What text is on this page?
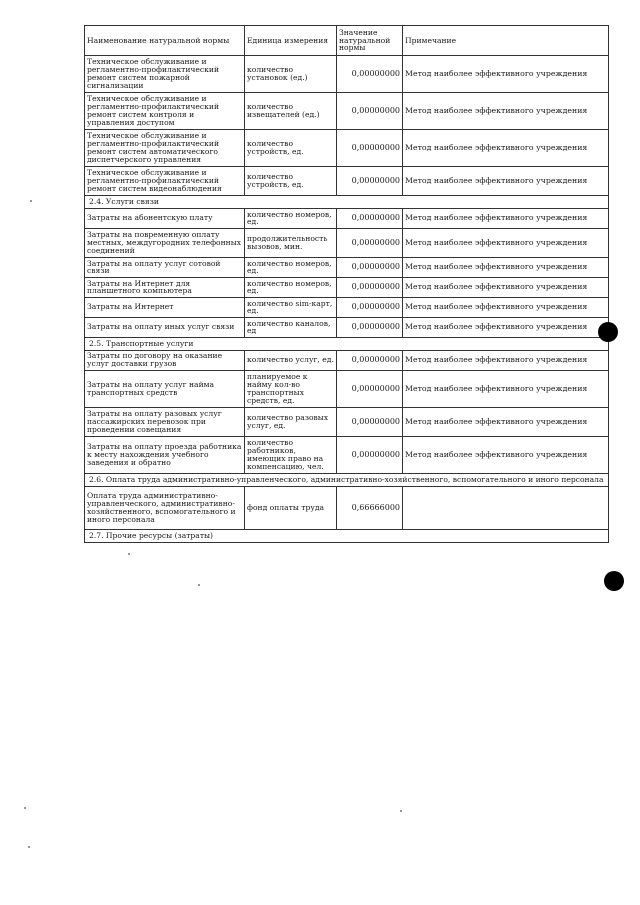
Наименование натуральной нормы	Единица измерения	Значение натуральной нормы	Примечание
Техническое обслуживание и регламентно-профилактический ремонт систем пожарной сигнализации	количество установок (ед.)	0,00000000	Метод наиболее эффективного учреждения
Техническое обслуживание и регламентно-профилактический ремонт систем контроля и управления доступом	количество извещателей (ед.)	0,00000000	Метод наиболее эффективного учреждения
Техническое обслуживание и регламентно-профилактический ремонт систем автоматического диспетчерского управления	количество устройств, ед.	0,00000000	Метод наиболее эффективного учреждения
Техническое обслуживание и регламентно-профилактический ремонт систем видеонаблюдения	количество устройств, ед.	0,00000000	Метод наиболее эффективного учреждения
2.4. Услуги связи			
Затраты на абонентскую плату	количество номеров, ед.	0,00000000	Метод наиболее эффективного учреждения
Затраты на повременную оплату местных, междугородних телефонных соединений	продолжительность вызовов, мин.	0,00000000	Метод наиболее эффективного учреждения
Затраты на оплату услуг сотовой связи	количество номеров, ед.	0,00000000	Метод наиболее эффективного учреждения
Затраты на Интернет для планшетного компьютера	количество номеров, ед.	0,00000000	Метод наиболее эффективного учреждения
Затраты на Интернет	количество sim-карт, ед.	0,00000000	Метод наиболее эффективного учреждения
Затраты на оплату иных услуг связи	количество каналов, ед	0,00000000	Метод наиболее эффективного учреждения
2.5. Транспортные услуги			
Затраты по договору на оказание услуг доставки грузов	количество услуг, ед.	0,00000000	Метод наиболее эффективного учреждения
Затраты на оплату услуг найма транспортных средств	планируемое к найму кол-во транспортных средств, ед.	0,00000000	Метод наиболее эффективного учреждения
Затраты на оплату разовых услуг пассажирских перевозок при проведении совещания	количество разовых услуг, ед.	0,00000000	Метод наиболее эффективного учреждения
Затраты на оплату проезда работника к месту нахождения учебного заведения и обратно	количество работников, имеющих право на компенсацию, чел.	0,00000000	Метод наиболее эффективного учреждения
2.6. Оплата труда административно-управленческого, административно-хозяйственного, вспомогательного и иного персонала			
Оплата труда административно-управленческого, административно-хозяйственного, вспомогательного и иного персонала	фонд оплаты труда	0,66666000	
2.7. Прочие ресурсы (затраты)			
